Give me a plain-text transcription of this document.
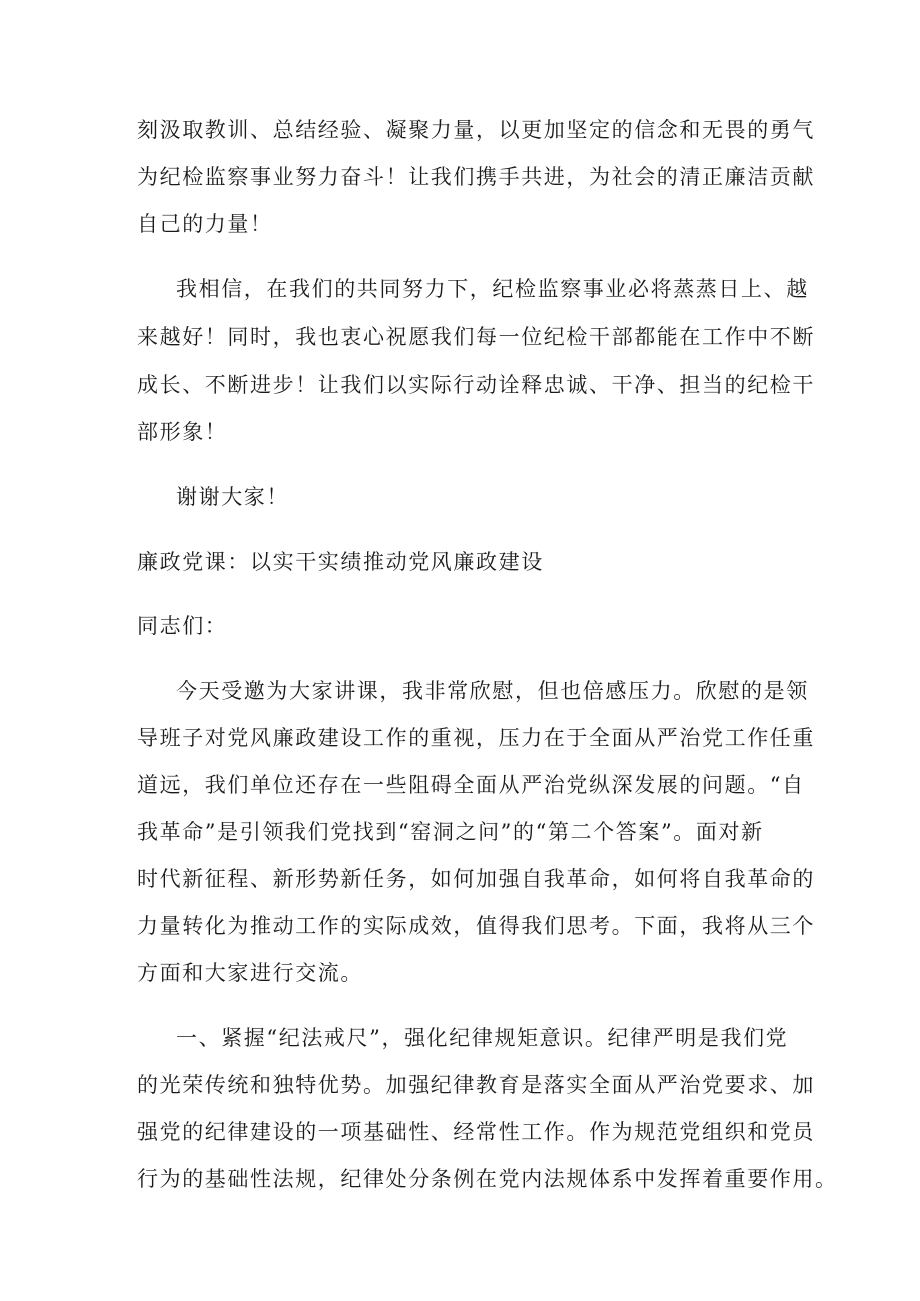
刻汲取教训、总结经验、凝聚力量，以更加坚定的信念和无畏的勇气

为纪检监察事业努力奋斗！让我们携手共进，为社会的清正廉洁贡献

自己的力量！

我相信，在我们的共同努力下，纪检监察事业必将蒸蒸日上、越

来越好！同时，我也衷心祝愿我们每一位纪检干部都能在工作中不断

成长、不断进步！让我们以实际行动诠释忠诚、干净、担当的纪检干

部形象！

谢谢大家！

廉政党课：以实干实绩推动党风廉政建设

同志们：

今天受邀为大家讲课，我非常欣慰，但也倍感压力。欣慰的是领

导班子对党风廉政建设工作的重视，压力在于全面从严治党工作任重

道远，我们单位还存在一些阻碍全面从严治党纵深发展的问题。“自

我革命”是引领我们党找到“窑洞之问”的“第二个答案”。面对新

时代新征程、新形势新任务，如何加强自我革命，如何将自我革命的

力量转化为推动工作的实际成效，值得我们思考。下面，我将从三个

方面和大家进行交流。

一、紧握“纪法戒尺”，强化纪律规矩意识。纪律严明是我们党

的光荣传统和独特优势。加强纪律教育是落实全面从严治党要求、加

强党的纪律建设的一项基础性、经常性工作。作为规范党组织和党员

行为的基础性法规，纪律处分条例在党内法规体系中发挥着重要作用。
